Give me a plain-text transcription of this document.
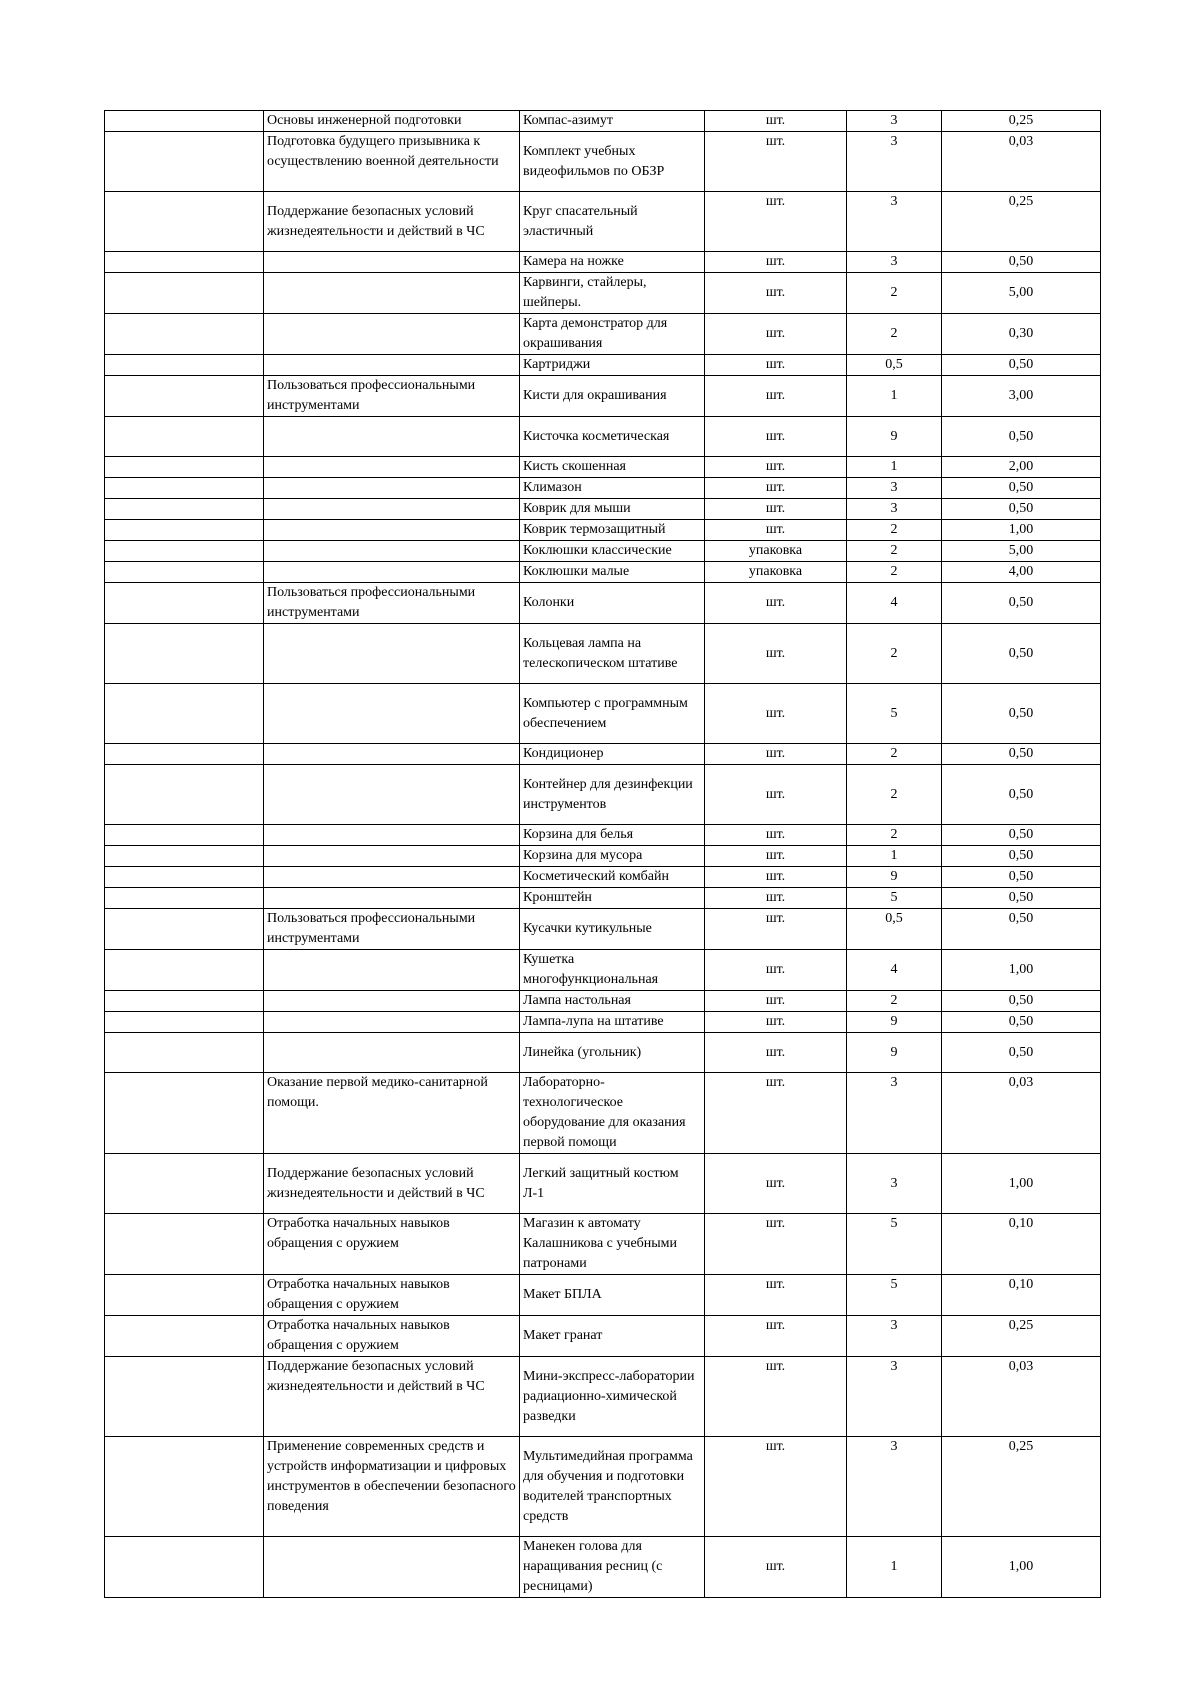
	Основы инженерной подготовки	Компас-азимут	шт.	3	0,25
	Подготовка будущего призывника к осуществлению военной деятельности	Комплект учебных видеофильмов по ОБЗР	шт.	3	0,03
	Поддержание безопасных условий жизнедеятельности и действий в ЧС	Круг спасательный эластичный	шт.	3	0,25
		Камера на ножке	шт.	3	0,50
		Карвинги, стайлеры, шейперы.	шт.	2	5,00
		Карта демонстратор для окрашивания	шт.	2	0,30
		Картриджи	шт.	0,5	0,50
	Пользоваться профессиональными инструментами	Кисти для окрашивания	шт.	1	3,00
		Кисточка косметическая	шт.	9	0,50
		Кисть скошенная	шт.	1	2,00
		Климазон	шт.	3	0,50
		Коврик для мыши	шт.	3	0,50
		Коврик термозащитный	шт.	2	1,00
		Коклюшки классические	упаковка	2	5,00
		Коклюшки малые	упаковка	2	4,00
	Пользоваться профессиональными инструментами	Колонки	шт.	4	0,50
		Кольцевая лампа на телескопическом штативе	шт.	2	0,50
		Компьютер с программным обеспечением	шт.	5	0,50
		Кондиционер	шт.	2	0,50
		Контейнер для дезинфекции инструментов	шт.	2	0,50
		Корзина для белья	шт.	2	0,50
		Корзина для мусора	шт.	1	0,50
		Косметический комбайн	шт.	9	0,50
		Кронштейн	шт.	5	0,50
	Пользоваться профессиональными инструментами	Кусачки кутикульные	шт.	0,5	0,50
		Кушетка многофункциональная	шт.	4	1,00
		Лампа настольная	шт.	2	0,50
		Лампа-лупа на штативе	шт.	9	0,50
		Линейка (угольник)	шт.	9	0,50
	Оказание первой медико-санитарной помощи.	Лабораторно-технологическое оборудование для оказания первой помощи	шт.	3	0,03
	Поддержание безопасных условий жизнедеятельности и действий в ЧС	Легкий защитный костюм Л-1	шт.	3	1,00
	Отработка начальных навыков обращения с оружием	Магазин к автомату Калашникова с учебными патронами	шт.	5	0,10
	Отработка начальных навыков обращения с оружием	Макет БПЛА	шт.	5	0,10
	Отработка начальных навыков обращения с оружием	Макет гранат	шт.	3	0,25
	Поддержание безопасных условий жизнедеятельности и действий в ЧС	Мини-экспресс-лаборатории радиационно-химической разведки	шт.	3	0,03
	Применение современных средств и устройств информатизации и цифровых инструментов в обеспечении безопасного поведения	Мультимедийная программа для обучения и подготовки водителей транспортных средств	шт.	3	0,25
		Манекен голова для наращивания ресниц (с ресницами)	шт.	1	1,00
